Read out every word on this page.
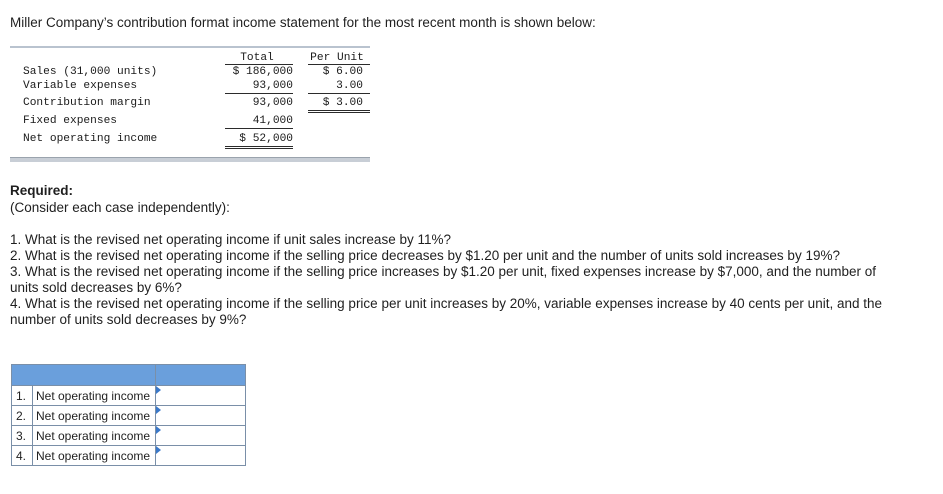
Miller Company’s contribution format income statement for the most recent month is shown below:
Total	Per Unit
Sales (31,000 units)	$ 186,000	$ 6.00
Variable expenses	93,000	3.00
Contribution margin	93,000	$ 3.00
Fixed expenses	41,000
Net operating income	$ 52,000
Required:
(Consider each case independently):

1. What is the revised net operating income if unit sales increase by 11%?

2. What is the revised net operating income if the selling price decreases by $1.20 per unit and the number of units sold increases by 19%?

3. What is the revised net operating income if the selling price increases by $1.20 per unit, fixed expenses increase by $7,000, and the number of units sold decreases by 6%?

4. What is the revised net operating income if the selling price per unit increases by 20%, variable expenses increase by 40 cents per unit, and the number of units sold decreases by 9%?

1.	Net operating income	

2.	Net operating income	

3.	Net operating income	

4.	Net operating income	
